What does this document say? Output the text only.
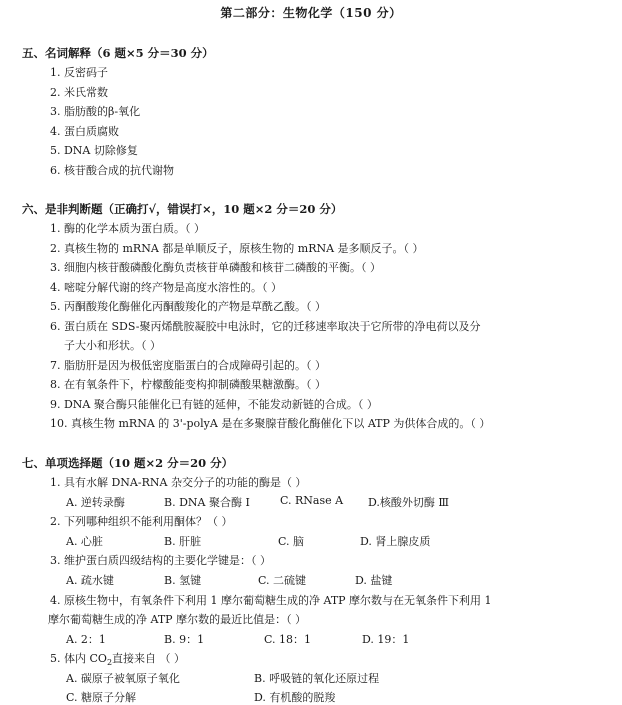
第二部分：生物化学（150 分）
五、名词解释（6 题×5 分＝30 分）
1. 反密码子
2. 米氏常数
3. 脂肪酸的β-氧化
4. 蛋白质腐败
5. DNA 切除修复
6. 核苷酸合成的抗代谢物
六、是非判断题（正确打√，错误打×，10 题×2 分＝20 分）
1. 酶的化学本质为蛋白质。（ ）
2. 真核生物的 mRNA 都是单顺反子，原核生物的 mRNA 是多顺反子。（ ）
3. 细胞内核苷酸磷酸化酶负责核苷单磷酸和核苷二磷酸的平衡。（ ）
4. 嘧啶分解代谢的终产物是高度水溶性的。（ ）
5. 丙酮酸羧化酶催化丙酮酸羧化的产物是草酰乙酸。（ ）
6. 蛋白质在 SDS-聚丙烯酰胺凝胶中电泳时，它的迁移速率取决于它所带的净电荷以及分
子大小和形状。（ ）
7. 脂肪肝是因为极低密度脂蛋白的合成障碍引起的。（ ）
8. 在有氧条件下，柠檬酸能变构抑制磷酸果糖激酶。（ ）
9. DNA 聚合酶只能催化已有链的延伸，不能发动新链的合成。（ ）
10. 真核生物 mRNA 的 3'-polyA 是在多聚腺苷酸化酶催化下以 ATP 为供体合成的。（ ）
七、单项选择题（10 题×2 分＝20 分）
1. 具有水解 DNA-RNA 杂交分子的功能的酶是（ ）
A. 逆转录酶	B. DNA 聚合酶 I	C. RNase A D.核酸外切酶 Ⅲ
2. 下列哪种组织不能利用酮体？（ ）
A. 心脏	B. 肝脏	C. 脑	D. 肾上腺皮质
3. 维护蛋白质四级结构的主要化学键是：（ ）
A. 疏水键	B. 氢键	C. 二硫键	D. 盐键
4. 原核生物中，有氧条件下利用 1 摩尔葡萄糖生成的净 ATP 摩尔数与在无氧条件下利用 1
摩尔葡萄糖生成的净 ATP 摩尔数的最近比值是：（ ）
A. 2：1	B. 9：1	C. 18：1	D. 19：1
5. 体内 $CO_2$直接来自 （ ）
A. 碳原子被氧原子氧化	B. 呼吸链的氧化还原过程
C. 糖原子分解	D. 有机酸的脱羧
